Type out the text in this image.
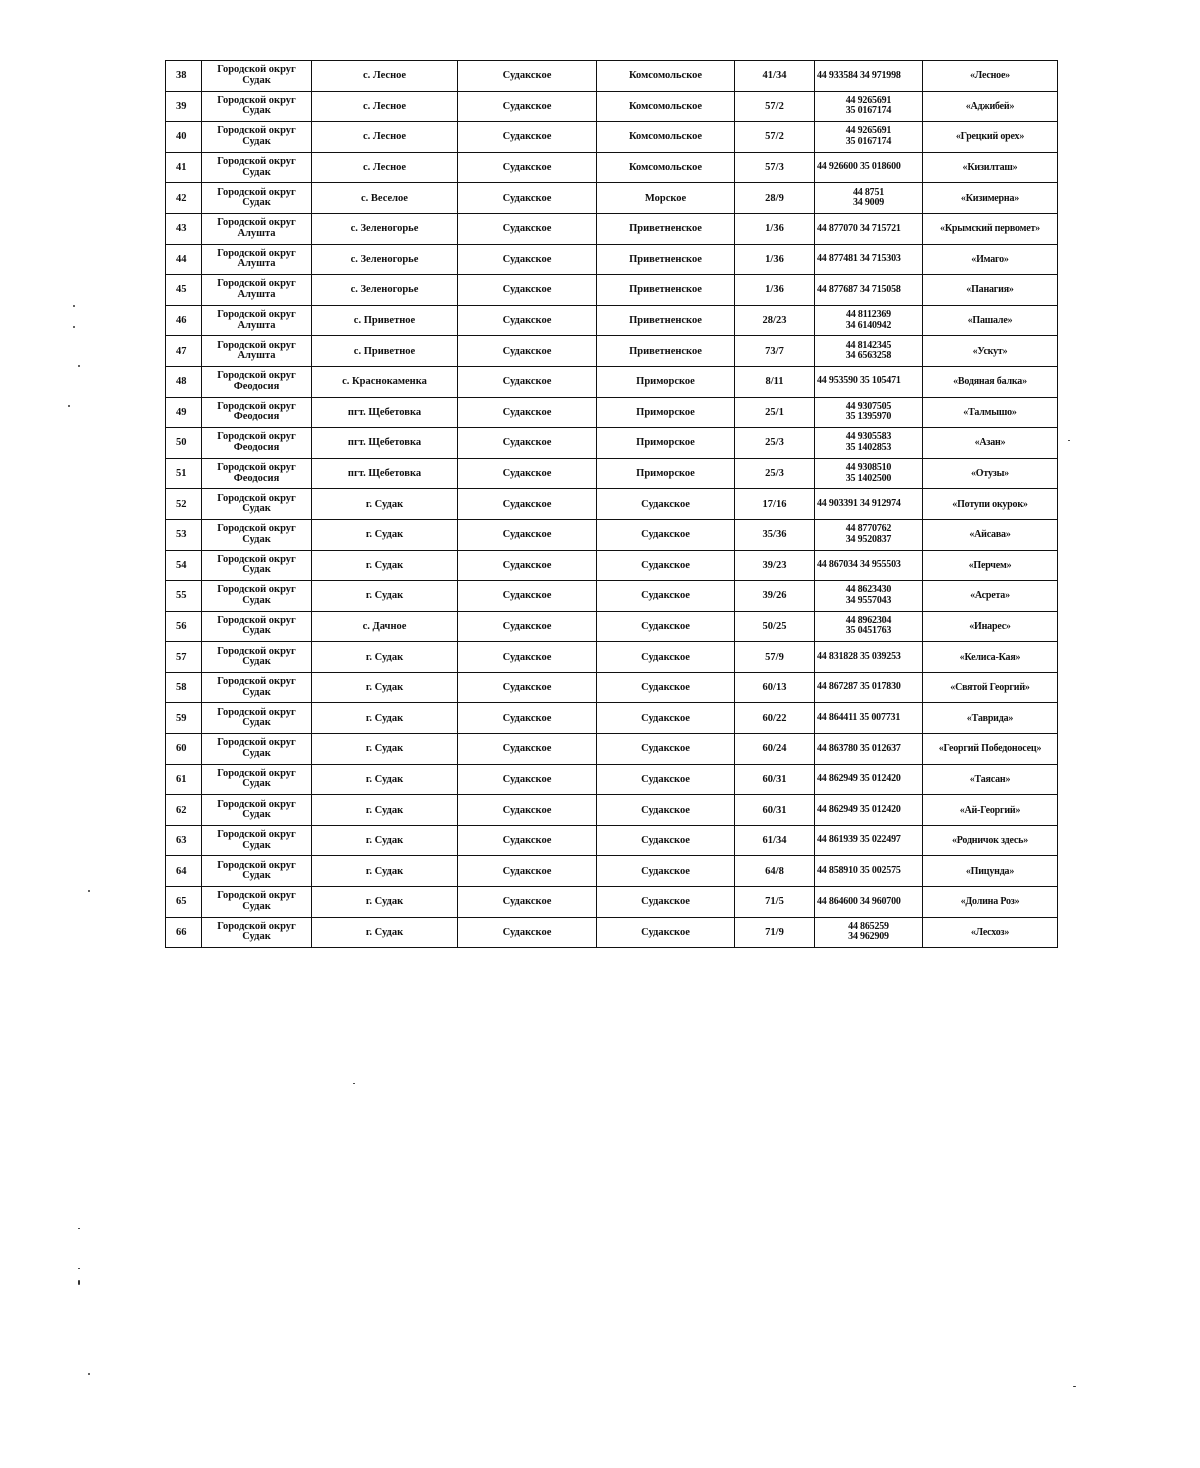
38	Городской округ Судак	с. Лесное	Судакское	Комсомольское	41/34	44 933584 34 971998	«Лесное»
39	Городской округ Судак	с. Лесное	Судакское	Комсомольское	57/2	44 9265691
35 0167174	«Аджибей»
40	Городской округ Судак	с. Лесное	Судакское	Комсомольское	57/2	44 9265691
35 0167174	«Грецкий орех»
41	Городской округ Судак	с. Лесное	Судакское	Комсомольское	57/3	44 926600 35 018600	«Кизилташ»
42	Городской округ Судак	с. Веселое	Судакское	Морское	28/9	44 8751
34 9009	«Кизимерна»
43	Городской округ Алушта	с. Зеленогорье	Судакское	Приветненское	1/36	44 877070 34 715721	«Крымский первомет»
44	Городской округ Алушта	с. Зеленогорье	Судакское	Приветненское	1/36	44 877481 34 715303	«Имаго»
45	Городской округ Алушта	с. Зеленогорье	Судакское	Приветненское	1/36	44 877687 34 715058	«Панагия»
46	Городской округ Алушта	с. Приветное	Судакское	Приветненское	28/23	44 8112369
34 6140942	«Пашале»
47	Городской округ Алушта	с. Приветное	Судакское	Приветненское	73/7	44 8142345
34 6563258	«Ускут»
48	Городской округ Феодосия	с. Краснокаменка	Судакское	Приморское	8/11	44 953590 35 105471	«Водяная балка»
49	Городской округ Феодосия	пгт. Щебетовка	Судакское	Приморское	25/1	44 9307505
35 1395970	«Талмышо»
50	Городской округ Феодосия	пгт. Щебетовка	Судакское	Приморское	25/3	44 9305583
35 1402853	«Азан»
51	Городской округ Феодосия	пгт. Щебетовка	Судакское	Приморское	25/3	44 9308510
35 1402500	«Отузы»
52	Городской округ Судак	г. Судак	Судакское	Судакское	17/16	44 903391 34 912974	«Потупи окурок»
53	Городской округ Судак	г. Судак	Судакское	Судакское	35/36	44 8770762
34 9520837	«Айсава»
54	Городской округ Судак	г. Судак	Судакское	Судакское	39/23	44 867034 34 955503	«Перчем»
55	Городской округ Судак	г. Судак	Судакское	Судакское	39/26	44 8623430
34 9557043	«Асрета»
56	Городской округ Судак	с. Дачное	Судакское	Судакское	50/25	44 8962304
35 0451763	«Инарес»
57	Городской округ Судак	г. Судак	Судакское	Судакское	57/9	44 831828 35 039253	«Келиса-Кая»
58	Городской округ Судак	г. Судак	Судакское	Судакское	60/13	44 867287 35 017830	«Святой Георгий»
59	Городской округ Судак	г. Судак	Судакское	Судакское	60/22	44 864411 35 007731	«Таврида»
60	Городской округ Судак	г. Судак	Судакское	Судакское	60/24	44 863780 35 012637	«Георгий Победоносец»
61	Городской округ Судак	г. Судак	Судакское	Судакское	60/31	44 862949 35 012420	«Таясан»
62	Городской округ Судак	г. Судак	Судакское	Судакское	60/31	44 862949 35 012420	«Ай-Георгий»
63	Городской округ Судак	г. Судак	Судакское	Судакское	61/34	44 861939 35 022497	«Родничок здесь»
64	Городской округ Судак	г. Судак	Судакское	Судакское	64/8	44 858910 35 002575	«Пицунда»
65	Городской округ Судак	г. Судак	Судакское	Судакское	71/5	44 864600 34 960700	«Долина Роз»
66	Городской округ Судак	г. Судак	Судакское	Судакское	71/9	44 865259
34 962909	«Лесхоз»
